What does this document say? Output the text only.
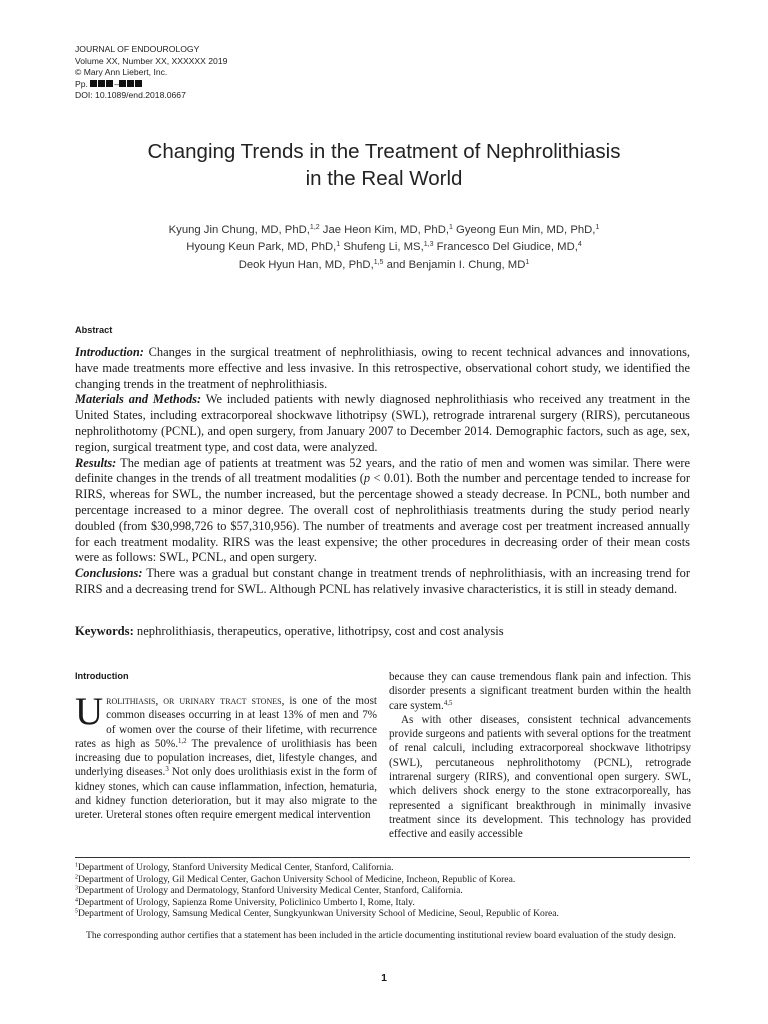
JOURNAL OF ENDOUROLOGY
Volume XX, Number XX, XXXXXX 2019
© Mary Ann Liebert, Inc.
Pp.	–
DOI: 10.1089/end.2018.0667
Changing Trends in the Treatment of Nephrolithiasis
in the Real World
Kyung Jin Chung, MD, PhD,$^{1,2}$ Jae Heon Kim, MD, PhD,$^1$ Gyeong Eun Min, MD, PhD,$^1$
Hyoung Keun Park, MD, PhD,$^1$ Shufeng Li, MS,$^{1,3}$ Francesco Del Giudice, MD,$^4$
Deok Hyun Han, MD, PhD,$^{1,5}$ and Benjamin I. Chung, $MD^1$
Abstract

Introduction: Changes in the surgical treatment of nephrolithiasis, owing to recent technical advances and innovations, have made treatments more effective and less invasive. In this retrospective, observational cohort study, we identified the changing trends in the treatment of nephrolithiasis.

Materials and Methods: We included patients with newly diagnosed nephrolithiasis who received any treatment in the United States, including extracorporeal shockwave lithotripsy (SWL), retrograde intrarenal surgery (RIRS), percutaneous nephrolithotomy (PCNL), and open surgery, from January 2007 to December 2014. Demographic factors, such as age, sex, region, surgical treatment type, and cost data, were analyzed.

Results: The median age of patients at treatment was 52 years, and the ratio of men and women was similar. There were definite changes in the trends of all treatment modalities (p < 0.01). Both the number and percentage tended to increase for RIRS, whereas for SWL, the number increased, but the percentage showed a steady decrease. In PCNL, both number and percentage increased to a minor degree. The overall cost of nephrolithiasis treatments during the study period nearly doubled (from $30,998,726 to $57,310,956). The number of treatments and average cost per treatment increased annually for each treatment modality. RIRS was the least expensive; the other procedures in decreasing order of their mean costs were as follows: SWL, PCNL, and open surgery.

Conclusions: There was a gradual but constant change in treatment trends of nephrolithiasis, with an increasing trend for RIRS and a decreasing trend for SWL. Although PCNL has relatively invasive characteristics, it is still in steady demand.

Keywords: nephrolithiasis, therapeutics, operative, lithotripsy, cost and cost analysis
Introduction

Urolithiasis, or urinary tract stones, is one of the most common diseases occurring in at least 13% of men and 7% of women over the course of their lifetime, with recurrence rates as high as 50%.$^{1,2}$ The prevalence of urolithiasis has been increasing due to population increases, diet, lifestyle changes, and underlying diseases.$^3$ Not only does urolithiasis exist in the form of kidney stones, which can cause inflammation, infection, hematuria, and kidney function deterioration, but it may also migrate to the ureter. Ureteral stones often require emergent medical intervention

because they can cause tremendous flank pain and infection. This disorder presents a significant treatment burden within the health care system.$^{4,5}$

As with other diseases, consistent technical advancements provide surgeons and patients with several options for the treatment of renal calculi, including extracorporeal shockwave lithotripsy (SWL), percutaneous nephrolithotomy (PCNL), retrograde intrarenal surgery (RIRS), and conventional open surgery. SWL, which delivers shock energy to the stone extracorporeally, has represented a significant breakthrough in minimally invasive treatment since its development. This technology has provided effective and easily accessible

$^1$Department of Urology, Stanford University Medical Center, Stanford, California.
$^2$Department of Urology, Gil Medical Center, Gachon University School of Medicine, Incheon, Republic of Korea.
$^3$Department of Urology and Dermatology, Stanford University Medical Center, Stanford, California.
$^4$Department of Urology, Sapienza Rome University, Policlinico Umberto I, Rome, Italy.
$^5$Department of Urology, Samsung Medical Center, Sungkyunkwan University School of Medicine, Seoul, Republic of Korea.
The corresponding author certifies that a statement has been included in the article documenting institutional review board evaluation of the study design.
1
